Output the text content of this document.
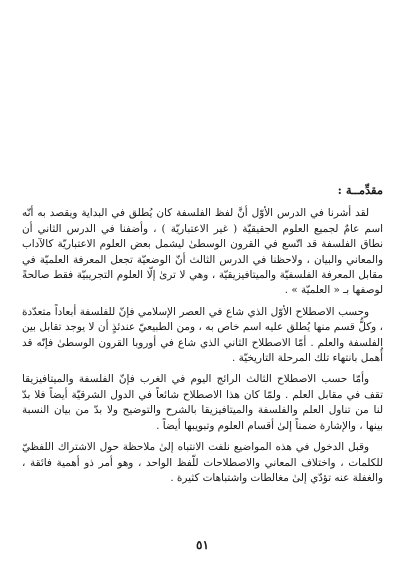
مقدِّمــة :

لقد أشرنا في الدرس الأوّل أنَّ لفظ الفلسفة كان يُطلق في البداية ويقصد به أنّه اسم عامٌ لجميع العلوم الحقيقيّة ( غير الاعتباريّة ) ، وأضفنا في الدرس الثاني أن نطاق الفلسفة قد اتّسع في القرون الوسطىٰ ليشمل بعض العلوم الاعتباريّة كالآداب والمعاني والبيان ، ولاحظنا في الدرس الثالث أنّ الوضعيّة تجعل المعرفة العلميّة في مقابل المعرفة الفلسفيّة والميتافيزيقيّة ، وهي لا ترىٰ إلّا العلوم التجريبيّة فقط صالحةً لوصفها بـ « العلميّة » .

وحسب الاصطلاح الأوّل الذي شاع في العصر الإسلامي فإنّ للفلسفة أبعاداً متعدّدة ، وكلُّ قسم منها يُطلق عليه اسم خاص به ، ومن الطبيعيّ عندئذٍ أن لا يوجد تقابل بين الفلسفة والعلم . أمّا الاصطلاح الثاني الذي شاع في أوروبا القرون الوسطىٰ فإنّه قد أُهمل بانتهاء تلك المرحلة التاريخيّة .

وأمّا حسب الاصطلاح الثالث الرائج اليوم في الغرب فإنّ الفلسفة والميتافيزيقا تقف في مقابل العلم . ولمّا كان هذا الاصطلاح شائعاً في الدول الشرقيّة أيضاً فلا بدّ لنا من تناول العلم والفلسفة والميتافيزيقا بالشرح والتوضيح ولا بدّ من بيان النسبة بينها ، والإشارة ضمناً إلىٰ أقسام العلوم وتبويبها أيضاً .

وقبل الدخول في هذه المواضيع نلفت الانتباه إلىٰ ملاحظة حول الاشتراك اللفظيّ للكلمات ، واختلاف المعاني والاصطلاحات للّفظ الواحد ، وهو أمر ذو أهمية فائقة ، والغفلة عنه تؤدّي إلىٰ مغالطات واشتباهات كثيرة .

٥١
